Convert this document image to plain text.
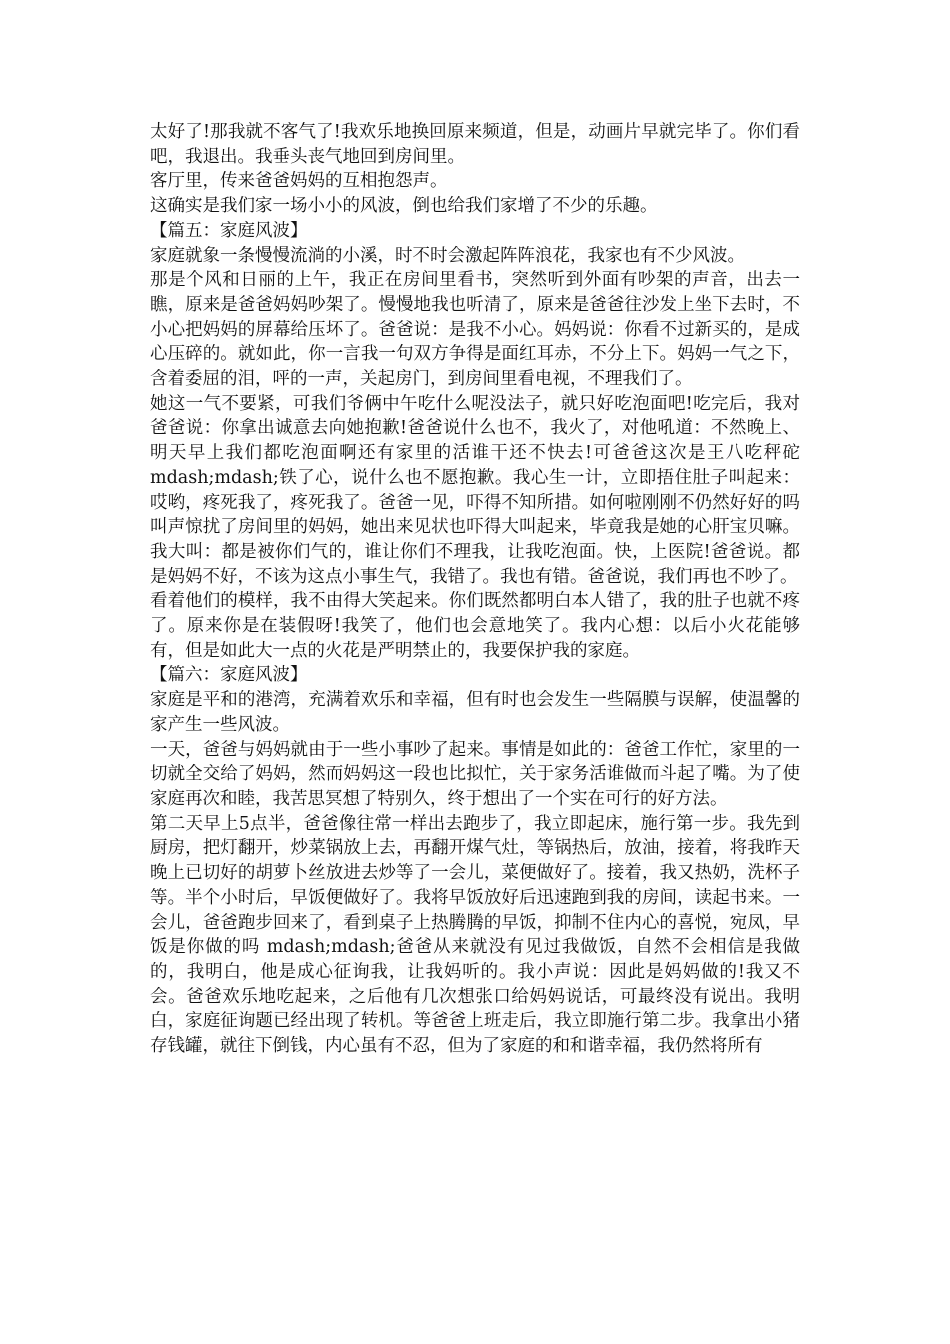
太好了!那我就不客气了!我欢乐地换回原来频道，但是，动画片早就完毕了。你们看吧，我退出。我垂头丧气地回到房间里。

客厅里，传来爸爸妈妈的互相抱怨声。

这确实是我们家一场小小的风波，倒也给我们家增了不少的乐趣。

【篇五：家庭风波】

家庭就象一条慢慢流淌的小溪，时不时会激起阵阵浪花，我家也有不少风波。

那是个风和日丽的上午，我正在房间里看书，突然听到外面有吵架的声音，出去一瞧，原来是爸爸妈妈吵架了。慢慢地我也听清了，原来是爸爸往沙发上坐下去时，不小心把妈妈的屏幕给压坏了。爸爸说：是我不小心。妈妈说：你看不过新买的，是成心压碎的。就如此，你一言我一句双方争得是面红耳赤，不分上下。妈妈一气之下，含着委屈的泪，呯的一声，关起房门，到房间里看电视，不理我们了。

她这一气不要紧，可我们爷俩中午吃什么呢没法子，就只好吃泡面吧!吃完后，我对爸爸说：你拿出诚意去向她抱歉!爸爸说什么也不，我火了，对他吼道：不然晚上、明天早上我们都吃泡面啊还有家里的活谁干还不快去!可爸爸这次是王八吃秤砣 mdash;mdash;铁了心，说什么也不愿抱歉。我心生一计，立即捂住肚子叫起来：哎哟，疼死我了，疼死我了。爸爸一见，吓得不知所措。如何啦刚刚不仍然好好的吗叫声惊扰了房间里的妈妈，她出来见状也吓得大叫起来，毕竟我是她的心肝宝贝嘛。我大叫：都是被你们气的，谁让你们不理我，让我吃泡面。快，上医院!爸爸说。都是妈妈不好，不该为这点小事生气，我错了。我也有错。爸爸说，我们再也不吵了。

看着他们的模样，我不由得大笑起来。你们既然都明白本人错了，我的肚子也就不疼了。原来你是在装假呀!我笑了，他们也会意地笑了。我内心想：以后小火花能够有，但是如此大一点的火花是严明禁止的，我要保护我的家庭。

【篇六：家庭风波】

家庭是平和的港湾，充满着欢乐和幸福，但有时也会发生一些隔膜与误解，使温馨的家产生一些风波。

一天，爸爸与妈妈就由于一些小事吵了起来。事情是如此的：爸爸工作忙，家里的一切就全交给了妈妈，然而妈妈这一段也比拟忙，关于家务活谁做而斗起了嘴。为了使家庭再次和睦，我苦思冥想了特别久，终于想出了一个实在可行的好方法。

第二天早上5点半，爸爸像往常一样出去跑步了，我立即起床，施行第一步。我先到厨房，把灯翻开，炒菜锅放上去，再翻开煤气灶，等锅热后，放油，接着，将我昨天晚上已切好的胡萝卜丝放进去炒等了一会儿，菜便做好了。接着，我又热奶，洗杯子等。半个小时后，早饭便做好了。我将早饭放好后迅速跑到我的房间，读起书来。一会儿，爸爸跑步回来了，看到桌子上热腾腾的早饭，抑制不住内心的喜悦，宛凤，早饭是你做的吗 mdash;mdash;爸爸从来就没有见过我做饭，自然不会相信是我做的，我明白，他是成心征询我，让我妈听的。我小声说：因此是妈妈做的!我又不会。爸爸欢乐地吃起来，之后他有几次想张口给妈妈说话，可最终没有说出。我明白，家庭征询题已经出现了转机。等爸爸上班走后，我立即施行第二步。我拿出小猪存钱罐，就往下倒钱，内心虽有不忍，但为了家庭的和和谐幸福，我仍然将所有
